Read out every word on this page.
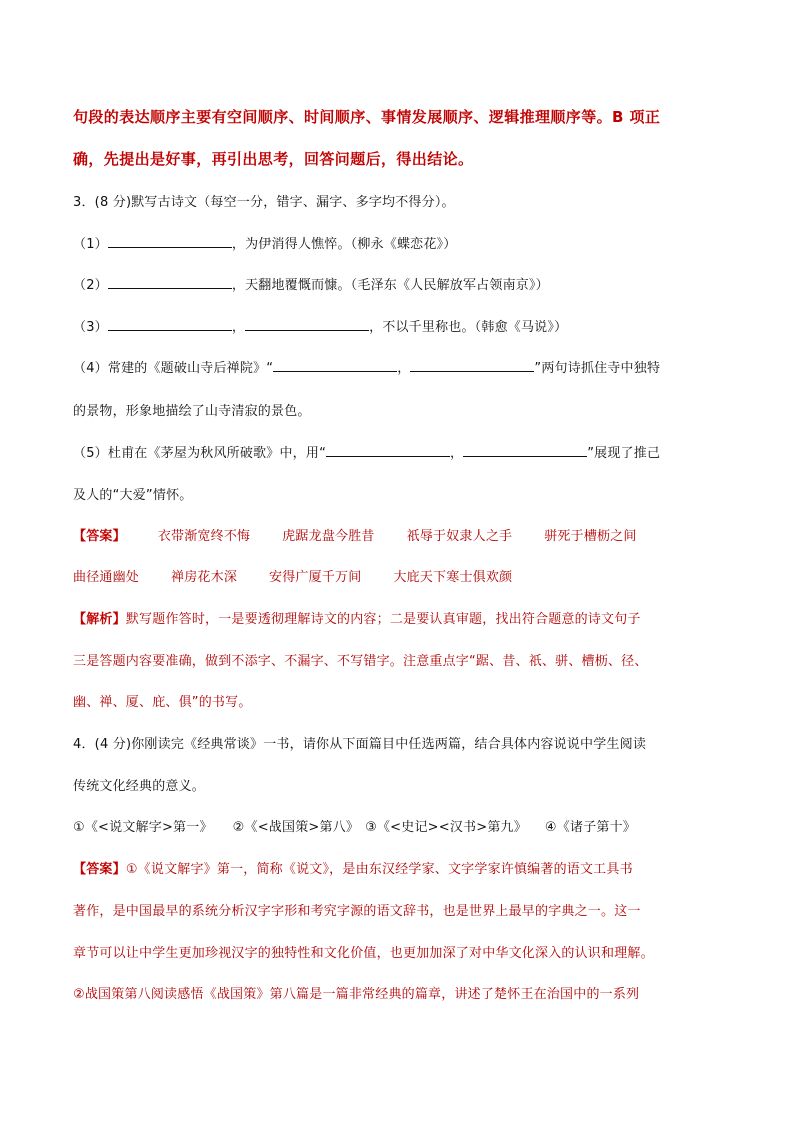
句段的表达顺序主要有空间顺序、时间顺序、事情发展顺序、逻辑推理顺序等。B 项正
确，先提出是好事，再引出思考，回答问题后，得出结论。
3．(8 分)默写古诗文（每空一分，错字、漏字、多字均不得分）。
（1）	，为伊消得人憔悴。（柳永《蝶恋花》）
（2）	，天翻地覆慨而慷。（毛泽东《人民解放军占领南京》）
（3）	，	，不以千里称也。（韩愈《马说》）
（4）常建的《题破山寺后禅院》“	，	”两句诗抓住寺中独特
的景物，形象地描绘了山寺清寂的景色。
（5）杜甫在《茅屋为秋风所破歌》中，用“	，	”展现了推己
及人的“大爱”情怀。
【答案】 衣带渐宽终不悔 虎踞龙盘今胜昔 祇辱于奴隶人之手 骈死于槽枥之间
曲径通幽处 禅房花木深 安得广厦千万间 大庇天下寒士俱欢颜
【解析】默写题作答时，一是要透彻理解诗文的内容；二是要认真审题，找出符合题意的诗文句子
三是答题内容要准确，做到不添字、不漏字、不写错字。注意重点字“踞、昔、祇、骈、槽枥、径、
幽、禅、厦、庇、俱”的书写。
4．(4 分)你刚读完《经典常谈》一书，请你从下面篇目中任选两篇，结合具体内容说说中学生阅读
传统文化经典的意义。
①《<说文解字>第一》 ②《<战国策>第八》 ③《<史记><汉书>第九》 ④《诸子第十》
【答案】①《说文解字》第一，简称《说文》，是由东汉经学家、文字学家许慎编著的语文工具书
著作，是中国最早的系统分析汉字字形和考究字源的语文辞书，也是世界上最早的字典之一。这一
章节可以让中学生更加珍视汉字的独特性和文化价值，也更加加深了对中华文化深入的认识和理解。
②战国策第八阅读感悟《战国策》第八篇是一篇非常经典的篇章，讲述了楚怀王在治国中的一系列
